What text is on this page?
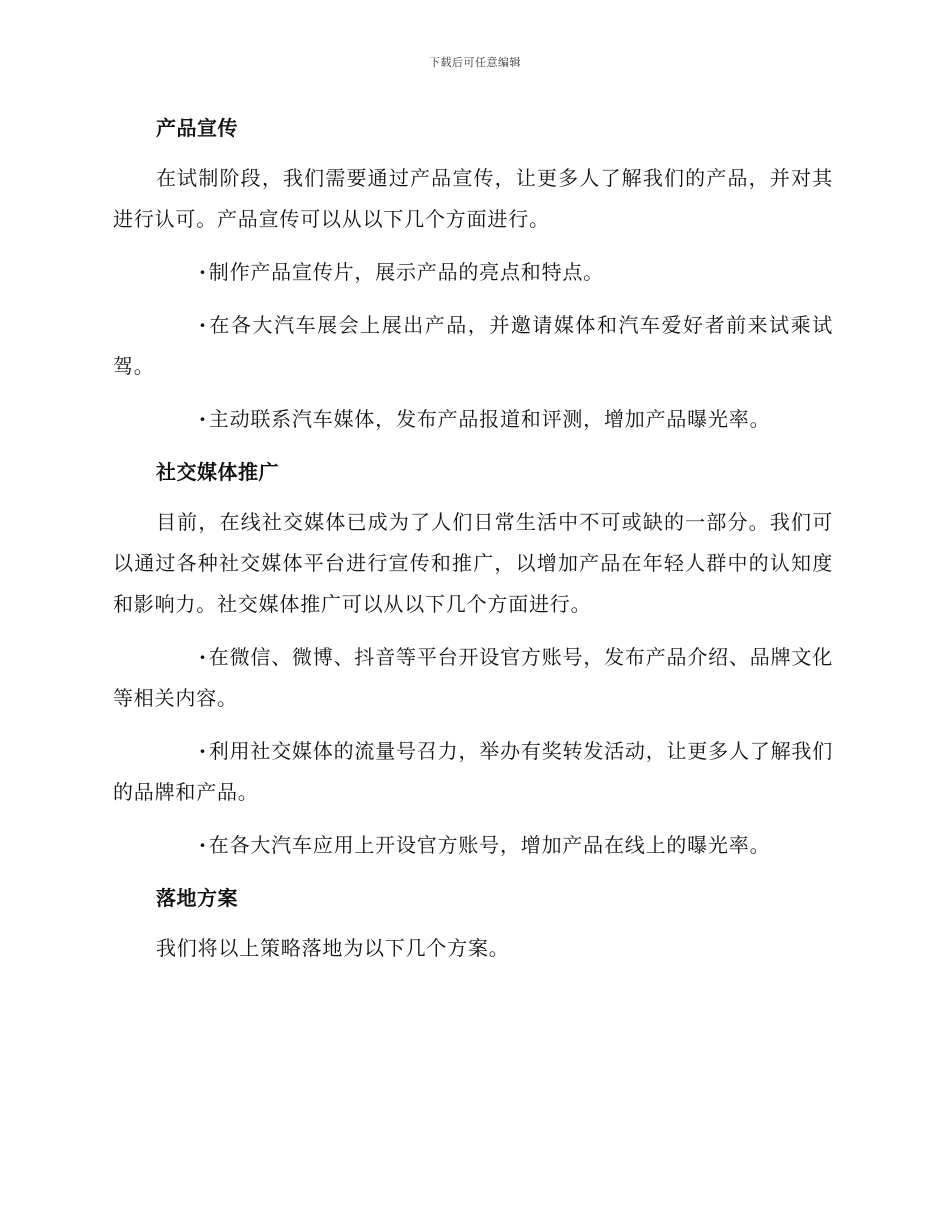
下载后可任意编辑
产品宣传

在试制阶段，我们需要通过产品宣传，让更多人了解我们的产品，并对其进行认可。产品宣传可以从以下几个方面进行。

· 制作产品宣传片，展示产品的亮点和特点。

· 在各大汽车展会上展出产品，并邀请媒体和汽车爱好者前来试乘试驾。

· 主动联系汽车媒体，发布产品报道和评测，增加产品曝光率。

社交媒体推广

目前，在线社交媒体已成为了人们日常生活中不可或缺的一部分。我们可以通过各种社交媒体平台进行宣传和推广，以增加产品在年轻人群中的认知度和影响力。社交媒体推广可以从以下几个方面进行。

· 在微信、微博、抖音等平台开设官方账号，发布产品介绍、品牌文化等相关内容。

· 利用社交媒体的流量号召力，举办有奖转发活动，让更多人了解我们的品牌和产品。

· 在各大汽车应用上开设官方账号，增加产品在线上的曝光率。

落地方案

我们将以上策略落地为以下几个方案。
